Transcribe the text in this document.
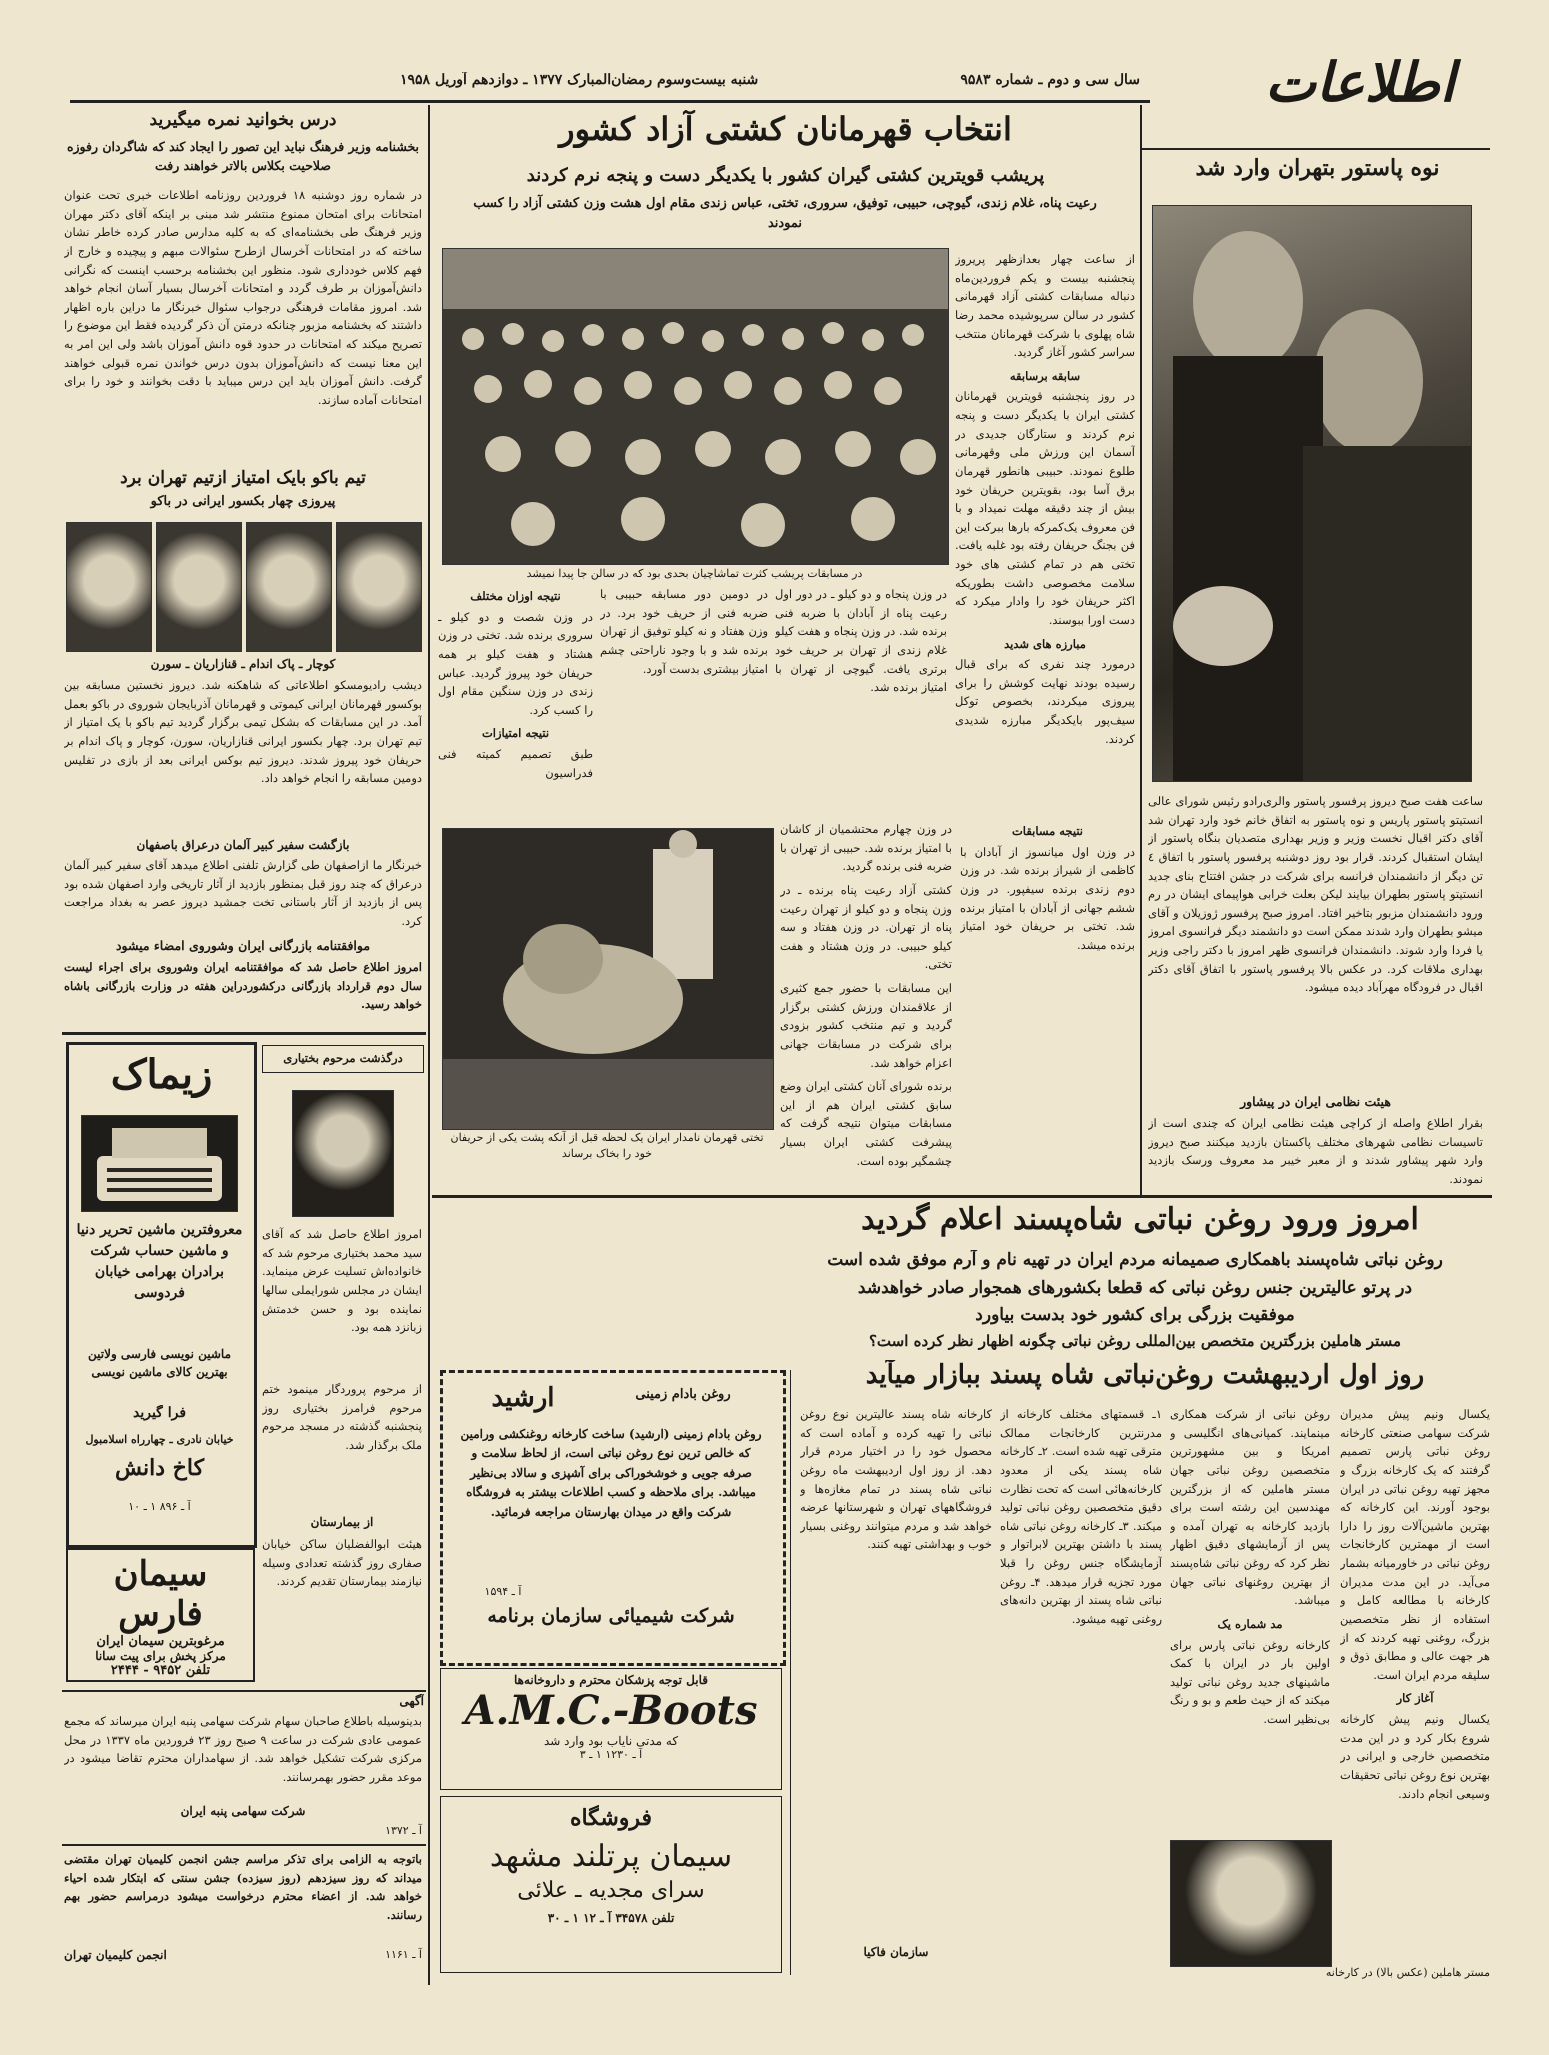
شنبه بیست‌وسوم رمضان‌المبارک ۱۳۷۷ ـ دوازدهم آوریل ۱۹۵۸	سال سی و دوم ـ شماره ۹۵۸۳	اطلاعات
نوه پاستور بتهران وارد شد
ساعت هفت صبح دیروز پرفسور پاستور والری‌رادو رئیس شورای عالی انستیتو پاستور پاریس و نوه پاستور به اتفاق خانم خود وارد تهران شد آقای دکتر اقبال نخست وزیر و وزیر بهداری متصدیان بنگاه پاستور از ایشان استقبال کردند. قرار بود روز دوشنبه پرفسور پاستور با اتفاق ٤ تن دیگر از دانشمندان فرانسه برای شرکت در جشن افتتاح بنای جدید انستیتو پاستور بطهران بیایند لیکن بعلت خرابی هواپیمای ایشان در رم ورود دانشمندان مزبور بتاخیر افتاد. امروز صبح پرفسور ژوزیلان و آقای میشو بطهران وارد شدند ممکن است دو دانشمند دیگر فرانسوی امروز یا فردا وارد شوند. دانشمندان فرانسوی ظهر امروز با دکتر راجی وزیر بهداری ملاقات کرد. در عکس بالا پرفسور پاستور با اتفاق آقای دکتر اقبال در فرودگاه مهرآباد دیده میشود.
هیئت نظامی ایران در پیشاور
بقرار اطلاع واصله از کراچی هیئت نظامی ایران که چندی است از تاسیسات نظامی شهرهای مختلف پاکستان بازدید میکنند صبح دیروز وارد شهر پیشاور شدند و از معبر خیبر مد معروف ورسک بازدید نمودند.
انتخاب قهرمانان کشتی آزاد کشور
پریشب قویترین کشتی گیران کشور با یکدیگر دست و پنجه نرم کردند
رعیت پناه، غلام زندی، گیوچی، حبیبی، توفیق، سرورى، تختی، عباس زندی مقام اول هشت وزن کشتی آزاد را کسب نمودند
در مسابقات پریشب کثرت تماشاچیان بحدی بود که در سالن جا پیدا نمیشد

از ساعت چهار بعدازظهر پریروز پنجشنبه بیست و یکم فروردین‌ماه دنباله مسابقات کشتی آزاد قهرمانی کشور در سالن سرپوشیده محمد رضا شاه پهلوی با شرکت قهرمانان منتخب سراسر کشور آغاز گردید.

سابقه برسابقه

در روز پنجشنبه قویترین قهرمانان کشتی ایران با یکدیگر دست و پنجه نرم کردند و ستارگان جدیدی در آسمان این ورزش ملی وقهرمانی طلوع نمودند. حبیبی هانطور قهرمان برق آسا بود، بقویترین حریفان خود بیش از چند دقیقه مهلت نمیداد و با فن معروف یک‌کمرکه بارها ببرکت این فن بجنگ حریفان رفته بود غلبه یافت. تختی هم در تمام کشتی های خود سلامت مخصوصی داشت بطوریکه اکثر حریفان خود را وادار میکرد که دست اورا ببوسند.

مبارزه های شدید

درمورد چند نفری که برای قبال رسیده بودند نهایت کوشش را برای پیروزی میکردند، بخصوص توکل سیف‌پور بایکدیگر مبارزه شدیدی کردند.

در وزن پنجاه و دو کیلو ـ در دور اول رعیت پناه از آبادان با ضربه فنی برنده شد. در وزن پنجاه و هفت کیلو غلام زندی از تهران بر حریف خود برتری یافت. گیوچی از تهران با امتیاز برنده شد.
در دومین دور مسابقه حبیبی با ضربه فنی از حریف خود برد. در وزن هفتاد و نه کیلو توفیق از تهران برنده شد و با وجود ناراحتی چشم امتیاز بیشتری بدست آورد.
نتیجه اوزان مختلف

در وزن شصت و دو کیلو ـ سروری برنده شد. تختی در وزن هشتاد و هفت کیلو بر همه حریفان خود پیروز گردید. عباس زندی در وزن سنگین مقام اول را کسب کرد.

نتیجه امتیازات

طبق تصمیم کمیته فنی فدراسیون

تختی قهرمان نامدار ایران یک لحظه قبل از آنکه پشت یکی از حریفان خود را بخاک برساند
نتیجه مسابقات

در وزن اول میانسوز از آبادان با کاظمی از شیراز برنده شد. در وزن دوم زندی برنده سیفپور. در وزن ششم جهانی از آبادان با امتیاز برنده شد. تختی بر حریفان خود امتیاز برنده میشد.

در وزن چهارم محتشمیان از کاشان با امتیاز برنده شد. حبیبی از تهران با ضربه فنی برنده گردید.

کشتی آزاد رعیت پناه برنده ـ در وزن پنجاه و دو کیلو از تهران رعیت پناه از تهران. در وزن هفتاد و سه کیلو حبیبی. در وزن هشتاد و هفت تختی.

این مسابقات با حضور جمع کثیری از علاقمندان ورزش کشتی برگزار گردید و تیم منتخب کشور بزودی برای شرکت در مسابقات جهانی اعزام خواهد شد.

برنده شورای آنان کشتی ایران وضع سابق کشتی ایران هم از این مسابقات میتوان نتیجه گرفت که پیشرفت کشتی ایران بسیار چشمگیر بوده است.

درس بخوانید نمره میگیرید
بخشنامه وزیر فرهنگ نباید این تصور را ایجاد کند که شاگردان رفوزه صلاحیت بکلاس بالاتر خواهند رفت
در شماره روز دوشنبه ۱۸ فروردین روزنامه اطلاعات خبری تحت عنوان امتحانات برای امتحان ممنوع منتشر شد مبنی بر اینکه آقای دکتر مهران وزیر فرهنگ طی بخشنامه‌ای که به کلیه مدارس صادر کرده خاطر نشان ساخته که در امتحانات آخرسال ازطرح سئوالات مبهم و پیچیده و خارج از فهم کلاس خودداری شود. منظور این بخشنامه برحسب اینست که نگرانی دانش‌آموزان بر طرف گردد و امتحانات آخرسال بسیار آسان انجام خواهد شد. امروز مقامات فرهنگی درجواب سئوال خبرنگار ما دراین باره اظهار داشتند که بخشنامه مزبور چنانکه درمتن آن ذکر گردیده فقط این موضوع را تصریح میکند که امتحانات در حدود قوه دانش آموزان باشد ولی این امر به این معنا نیست که دانش‌آموزان بدون درس خواندن نمره قبولی خواهند گرفت. دانش آموزان باید این درس میباید با دقت بخوانند و خود را برای امتحانات آماده سازند.
تیم باکو بایک امتیاز ازتیم تهران برد
پیروزی چهار بکسور ایرانی در باکو
کوچار ـ پاک اندام ـ قنازاریان ـ سورن
دیشب رادیومسکو اطلاعاتی که شاهکنه شد. دیروز نخستین مسابقه بین بوکسور قهرمانان ایرانی کیموتی و قهرمانان آذربایجان شوروی در باکو بعمل آمد. در این مسابقات که بشکل تیمی برگزار گردید تیم باکو با یک امتیاز از تیم تهران برد. چهار بکسور ایرانی قنازاریان، سورن، کوچار و پاک اندام بر حریفان خود پیروز شدند. دیروز تیم بوکس ایرانی بعد از بازی در تفلیس دومین مسابقه را انجام خواهد داد.
بازگشت سفیر کبیر آلمان درعراق باصفهان
خبرنگار ما ازاصفهان طی گزارش تلفنی اطلاع میدهد آقای سفیر کبیر آلمان درعراق که چند روز قبل بمنظور بازدید از آثار تاریخی وارد اصفهان شده بود پس از بازدید از آثار باستانی تخت جمشید دیروز عصر به بغداد مراجعت کرد.
موافقتنامه بازرگانی ایران وشوروی امضاء میشود
امروز اطلاع حاصل شد که موافقتنامه ایران وشوروی برای اجراء لیست سال دوم قرارداد بازرگانی درکشوردراین هفته در وزارت بازرگانی باشاه خواهد رسید.
زیماک
معروفترین ماشین تحریر دنیا و ماشین حساب شرکت برادران بهرامی خیابان فردوسی
ماشین نویسی فارسی ولاتین بهترین کالای ماشین نویسی
فرا گیرید
خیابان نادری ـ چهارراه اسلامبول
کاخ دانش
آ ـ ۸۹۶ ۱ ـ ۱۰
سیمان فارس
مرغوبترین سیمان ایران
مرکز پخش برای پیت سانا
تلفن ۹۴۵۲ - ۲۴۴۴
درگذشت مرحوم بختیاری
امروز اطلاع حاصل شد که آقای سید محمد بختیاری مرحوم شد که خانواده‌اش تسلیت عرض مینماید. ایشان در مجلس شورایملی سالها نماینده بود و حسن خدمتش زبانزد همه بود.
از مرحوم پروردگار مینمود ختم مرحوم فرامرز بختیاری روز پنجشنبه گذشته در مسجد مرحوم ملک برگذار شد.
از بیمارستان
هیئت ابوالفضلیان ساکن خیابان صفاری روز گذشته تعدادی وسیله نیازمند بیمارستان تقدیم کردند.
آگهی
بدینوسیله باطلاع صاحبان سهام شرکت سهامی پنبه ایران میرساند که مجمع عمومی عادی شرکت در ساعت ۹ صبح روز ۲۳ فروردین ماه ۱۳۳۷ در محل مرکزی شرکت تشکیل خواهد شد. از سهامداران محترم تقاضا میشود در موعد مقرر حضور بهمرسانند.
شرکت سهامی پنبه ایران
آ ـ ۱۳۷۲
باتوجه به الزامی برای تذکر مراسم جشن انجمن کلیمیان تهران مقتضی میداند که روز سیزدهم (روز سیزده) جشن سنتی که ابتکار شده احیاء خواهد شد. از اعضاء محترم درخواست میشود درمراسم حضور بهم رسانند.
انجمن کلیمیان تهران	آ ـ ۱۱۶۱
ارشید	روغن بادام زمینی
روغن بادام زمینی (ارشید) ساخت کارخانه روغنکشی ورامین که خالص ترین نوع روغن نباتی است، از لحاظ سلامت و صرفه جویی و خوشخوراکی برای آشپزی و سالاد بی‌نظیر میباشد. برای ملاحظه و کسب اطلاعات بیشتر به فروشگاه شرکت واقع در میدان بهارستان مراجعه فرمائید.
شرکت شیمیائی سازمان برنامه
آ ـ ۱۵۹۴
قابل توجه پزشکان محترم و داروخانه‌ها
A.M.C.-Boots
که مدتی نایاب بود وارد شد
آ ـ ۱۲۳۰ ۱ ـ ۳
فروشگاه
سیمان پرتلند مشهد
سرای مجدیه ـ علائی
تلفن ۳۴۵۷۸ آ ـ ۱۲ ۱ ـ ۳۰
امروز ورود روغن نباتی شاه‌پسند اعلام گردید
روغن نباتی شاه‌پسند باهمکاری صمیمانه مردم ایران در تهیه نام و آرم موفق شده است
در پرتو عالیترین جنس روغن نباتی که قطعا بکشورهای همجوار صادر خواهدشد
موفقیت بزرگی برای کشور خود بدست بیاورد
مستر هاملین بزرگترین متخصص بین‌المللی روغن نباتی چگونه اظهار نظر کرده است؟
روز اول اردیبهشت روغن‌نباتی شاه پسند ببازار میآید

یکسال ونیم پیش مدیران شرکت سهامی صنعتی کارخانه روغن نباتی پارس تصمیم گرفتند که یک کارخانه بزرگ و مجهز تهیه روغن نباتی در ایران بوجود آورند. این کارخانه که بهترین ماشین‌آلات روز را دارا است از مهمترین کارخانجات روغن نباتی در خاورمیانه بشمار می‌آید. در این مدت مدیران کارخانه با مطالعه کامل و استفاده از نظر متخصصین بزرگ، روغنی تهیه کردند که از هر جهت عالی و مطابق ذوق و سلیقه مردم ایران است.

آغاز کار

یکسال ونیم پیش کارخانه شروع بکار کرد و در این مدت متخصصین خارجی و ایرانی در بهترین نوع روغن نباتی تحقیقات وسیعی انجام دادند.

روغن نباتی از شرکت همکاری مینمایند. کمپانی‌های انگلیسی و امریکا و بین مشهورترین متخصصین روغن نباتی جهان مستر هاملین که از بزرگترین مهندسین این رشته است برای بازدید کارخانه به تهران آمده و پس از آزمایشهای دقیق اظهار نظر کرد که روغن نباتی شاه‌پسند از بهترین روغنهای نباتی جهان میباشد.

مد شماره یک

کارخانه روغن نباتی پارس برای اولین بار در ایران با کمک ماشینهای جدید روغن نباتی تولید میکند که از حیث طعم و بو و رنگ بی‌نظیر است.

۱ـ قسمتهای مختلف کارخانه از مدرنترین کارخانجات ممالک مترقی تهیه شده است. ۲ـ کارخانه شاه پسند یکی از معدود کارخانه‌هائی است که تحت نظارت دقیق متخصصین روغن نباتی تولید میکند. ۳ـ کارخانه روغن نباتی شاه پسند با داشتن بهترین لابراتوار و آزمایشگاه جنس روغن را قبلا مورد تجزیه قرار میدهد. ۴ـ روغن نباتی شاه پسند از بهترین دانه‌های روغنی تهیه میشود.
کارخانه شاه پسند عالیترین نوع روغن نباتی را تهیه کرده و آماده است که محصول خود را در اختیار مردم قرار دهد. از روز اول اردیبهشت ماه روغن نباتی شاه پسند در تمام مغازه‌ها و فروشگاههای تهران و شهرستانها عرضه خواهد شد و مردم میتوانند روغنی بسیار خوب و بهداشتی تهیه کنند.
مستر هاملین (عکس بالا) در کارخانه
سازمان فاکیا
